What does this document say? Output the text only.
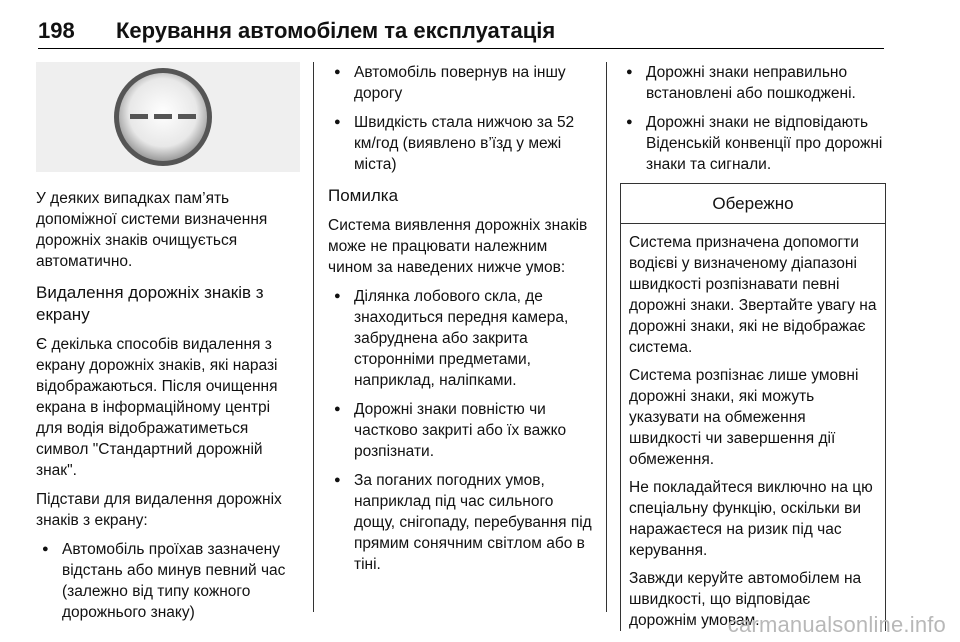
198 Керування автомобілем та експлуатація

У деяких випадках пам’ять допоміжної системи визначення дорожніх знаків очищується автоматично.

Видалення дорожніх знаків з екрану

Є декілька способів видалення з екрану дорожніх знаків, які наразі відображаються. Після очищення екрана в інформаційному центрі для водія відображатиметься символ "Стандартний дорожній знак".

Підстави для видалення дорожніх знаків з екрану:

● Автомобіль проїхав зазначену відстань або минув певний час (залежно від типу кожного дорожнього знаку)
● Автомобіль повернув на іншу дорогу
● Швидкість стала нижчою за 52 км/год (виявлено в’їзд у межі міста)
Помилка

Система виявлення дорожніх знаків може не працювати належним чином за наведених нижче умов:

● Ділянка лобового скла, де знаходиться передня камера, забруднена або закрита сторонніми предметами, наприклад, наліпками.
● Дорожні знаки повністю чи частково закриті або їх важко розпізнати.
● За поганих погодних умов, наприклад під час сильного дощу, снігопаду, перебування під прямим сонячним світлом або в тіні.
● Дорожні знаки неправильно встановлені або пошкоджені.
● Дорожні знаки не відповідають Віденській конвенції про дорожні знаки та сигнали.
Обережно

Система призначена допомогти водієві у визначеному діапазоні швидкості розпізнавати певні дорожні знаки. Звертайте увагу на дорожні знаки, які не відображає система.

Система розпізнає лише умовні дорожні знаки, які можуть указувати на обмеження швидкості чи завершення дії обмеження.

Не покладайтеся виключно на цю спеціальну функцію, оскільки ви наражаєтеся на ризик під час керування.

Завжди керуйте автомобілем на швидкості, що відповідає дорожнім умовам.

carmanualsonline.info
